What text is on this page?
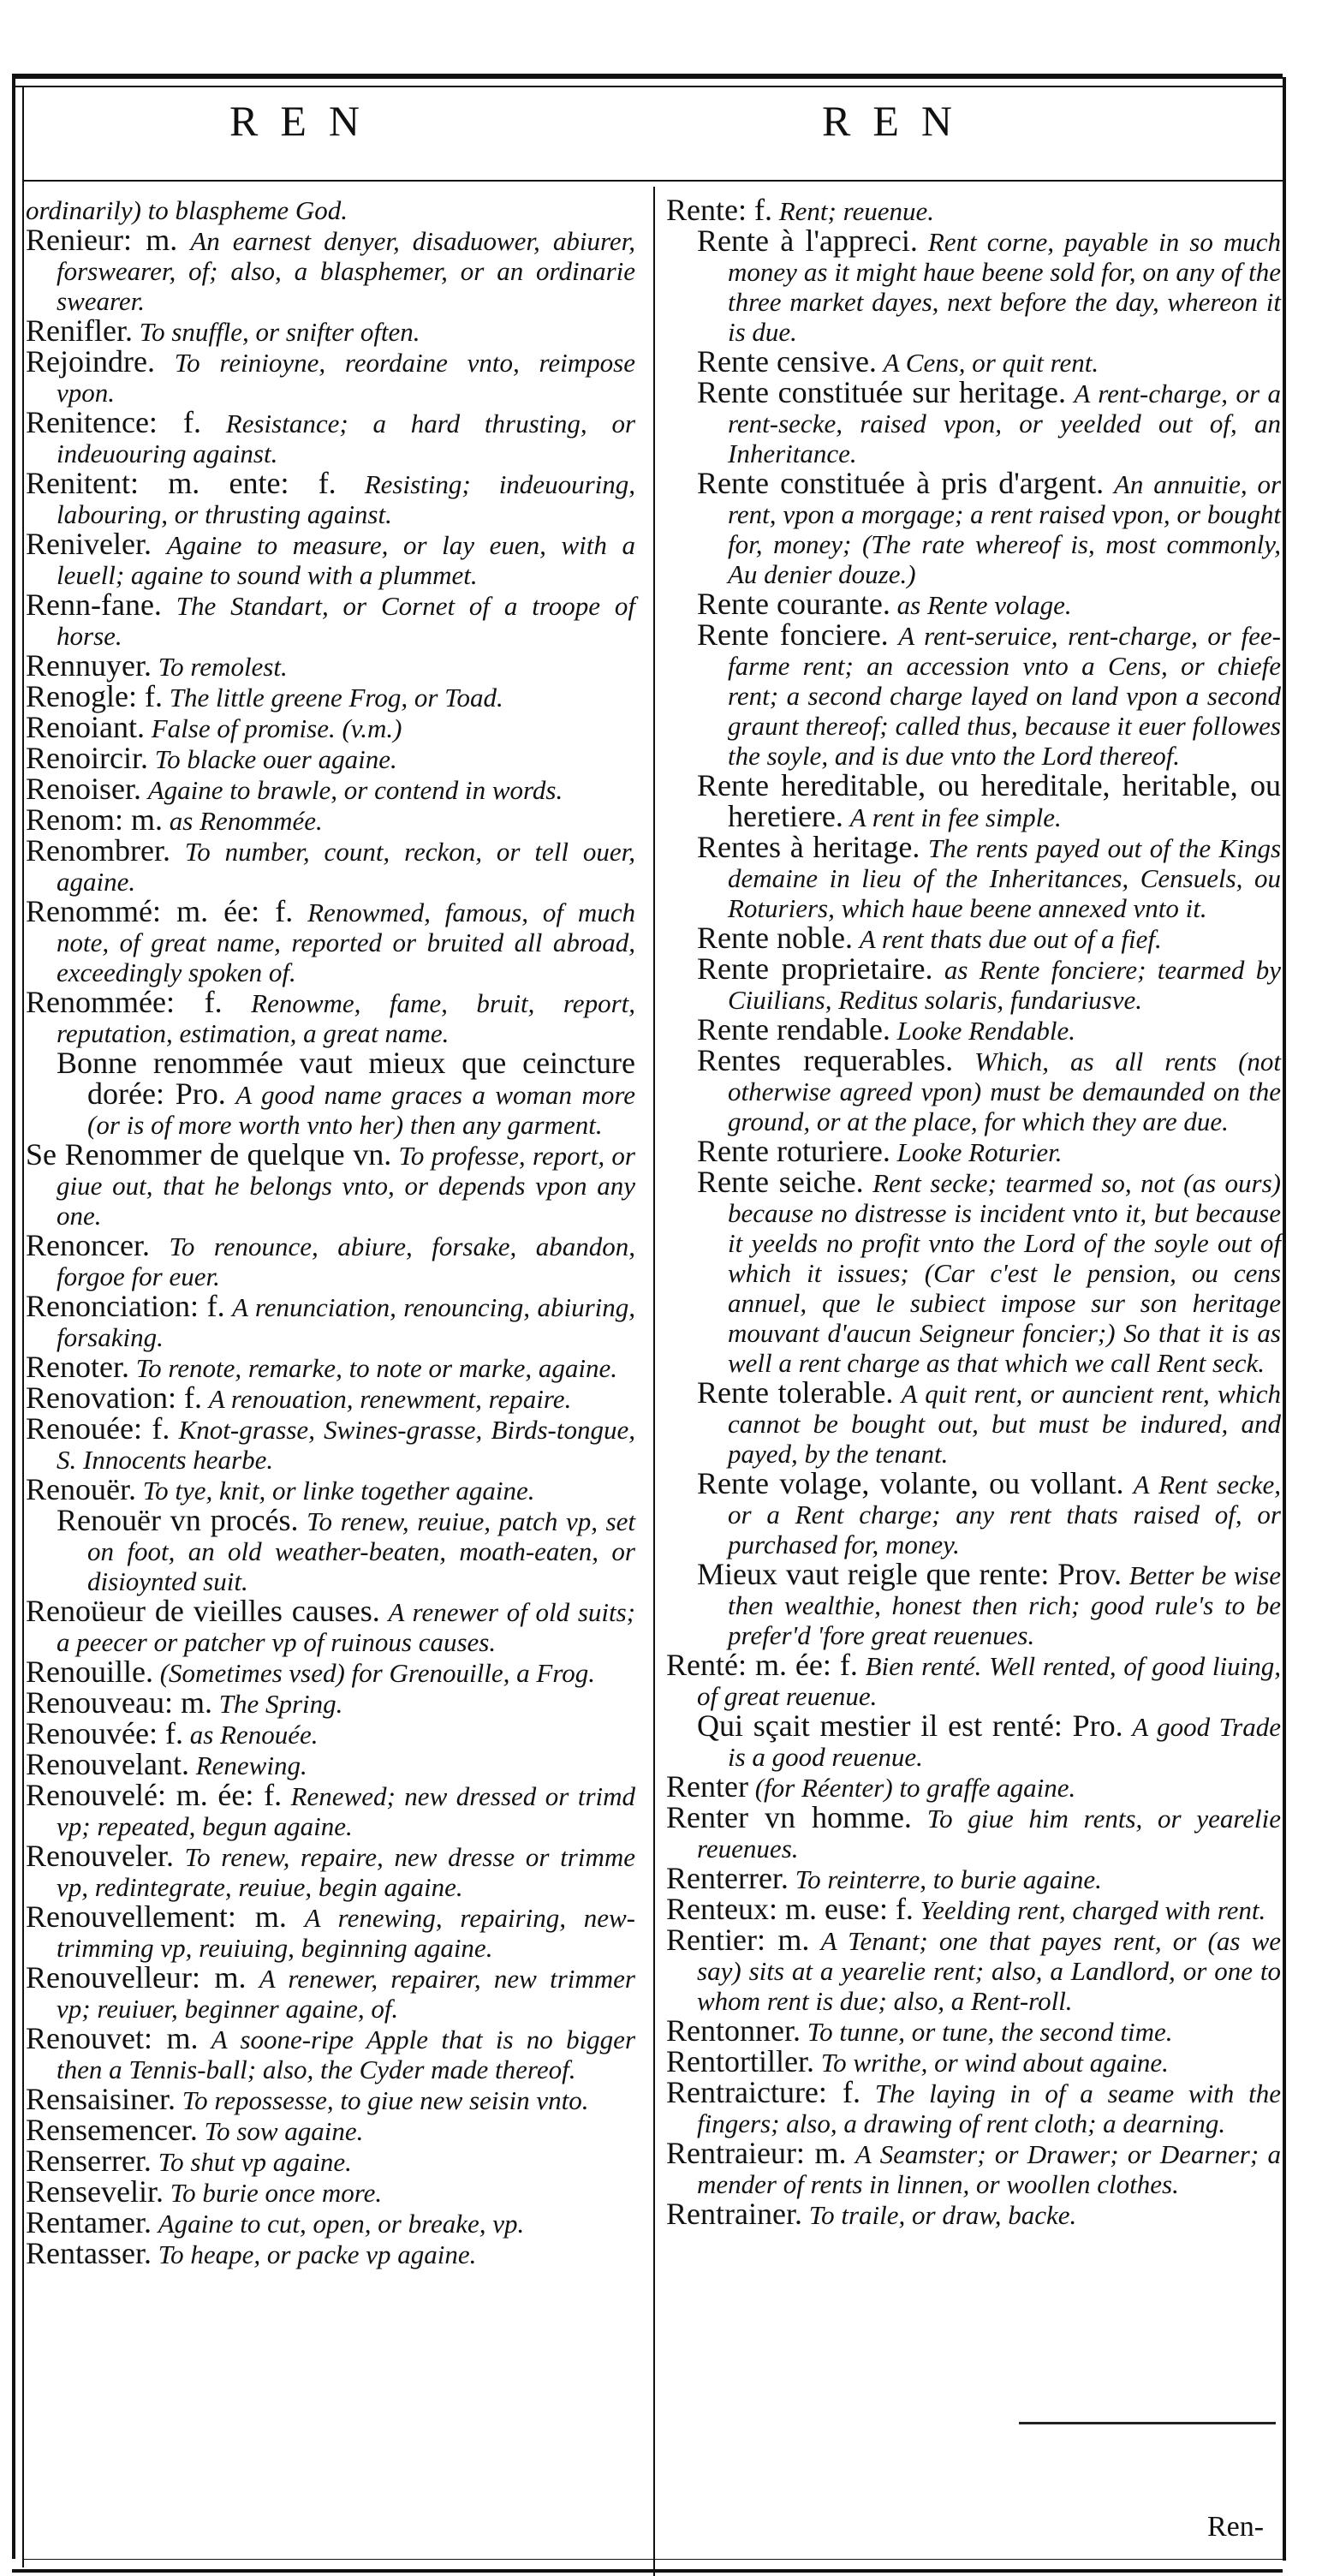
REN	REN

ordinarily) to blaspheme God.

Renieur: m. An earnest denyer, disaduower, abiurer, forswearer, of; also, a blasphemer, or an ordinarie swearer.

Renifler. To snuffle, or snifter often.

Rejoindre. To reinioyne, reordaine vnto, reimpose vpon.

Renitence: f. Resistance; a hard thrusting, or indeuouring against.

Renitent: m. ente: f. Resisting; indeuouring, labouring, or thrusting against.

Reniveler. Againe to measure, or lay euen, with a leuell; againe to sound with a plummet.

Renn-fane. The Standart, or Cornet of a troope of horse.

Rennuyer. To remolest.

Renogle: f. The little greene Frog, or Toad.

Renoiant. False of promise. (v.m.)

Renoircir. To blacke ouer againe.

Renoiser. Againe to brawle, or contend in words.

Renom: m. as Renommée.

Renombrer. To number, count, reckon, or tell ouer, againe.

Renommé: m. ée: f. Renowmed, famous, of much note, of great name, reported or bruited all abroad, exceedingly spoken of.

Renommée: f. Renowme, fame, bruit, report, reputation, estimation, a great name.

Bonne renommée vaut mieux que ceincture dorée: Pro. A good name graces a woman more (or is of more worth vnto her) then any garment.

Se Renommer de quelque vn. To professe, report, or giue out, that he belongs vnto, or depends vpon any one.

Renoncer. To renounce, abiure, forsake, abandon, forgoe for euer.

Renonciation: f. A renunciation, renouncing, abiuring, forsaking.

Renoter. To renote, remarke, to note or marke, againe.

Renovation: f. A renouation, renewment, repaire.

Renouée: f. Knot-grasse, Swines-grasse, Birds-tongue, S. Innocents hearbe.

Renouër. To tye, knit, or linke together againe.

Renouër vn procés. To renew, reuiue, patch vp, set on foot, an old weather-beaten, moath-eaten, or disioynted suit.

Renoüeur de vieilles causes. A renewer of old suits; a peecer or patcher vp of ruinous causes.

Renouille. (Sometimes vsed) for Grenouille, a Frog.

Renouveau: m. The Spring.

Renouvée: f. as Renouée.

Renouvelant. Renewing.

Renouvelé: m. ée: f. Renewed; new dressed or trimd vp; repeated, begun againe.

Renouveler. To renew, repaire, new dresse or trimme vp, redintegrate, reuiue, begin againe.

Renouvellement: m. A renewing, repairing, new-trimming vp, reuiuing, beginning againe.

Renouvelleur: m. A renewer, repairer, new trimmer vp; reuiuer, beginner againe, of.

Renouvet: m. A soone-ripe Apple that is no bigger then a Tennis-ball; also, the Cyder made thereof.

Rensaisiner. To repossesse, to giue new seisin vnto.

Rensemencer. To sow againe.

Renserrer. To shut vp againe.

Rensevelir. To burie once more.

Rentamer. Againe to cut, open, or breake, vp.

Rentasser. To heape, or packe vp againe.

Rente: f. Rent; reuenue.

Rente à l'appreci. Rent corne, payable in so much money as it might haue beene sold for, on any of the three market dayes, next before the day, whereon it is due.

Rente censive. A Cens, or quit rent.

Rente constituée sur heritage. A rent-charge, or a rent-secke, raised vpon, or yeelded out of, an Inheritance.

Rente constituée à pris d'argent. An annuitie, or rent, vpon a morgage; a rent raised vpon, or bought for, money; (The rate whereof is, most commonly, Au denier douze.)

Rente courante. as Rente volage.

Rente fonciere. A rent-seruice, rent-charge, or fee-farme rent; an accession vnto a Cens, or chiefe rent; a second charge layed on land vpon a second graunt thereof; called thus, because it euer followes the soyle, and is due vnto the Lord thereof.

Rente hereditable, ou hereditale, heritable, ou heretiere. A rent in fee simple.

Rentes à heritage. The rents payed out of the Kings demaine in lieu of the Inheritances, Censuels, ou Roturiers, which haue beene annexed vnto it.

Rente noble. A rent thats due out of a fief.

Rente proprietaire. as Rente fonciere; tearmed by Ciuilians, Reditus solaris, fundariusve.

Rente rendable. Looke Rendable.

Rentes requerables. Which, as all rents (not otherwise agreed vpon) must be demaunded on the ground, or at the place, for which they are due.

Rente roturiere. Looke Roturier.

Rente seiche. Rent secke; tearmed so, not (as ours) because no distresse is incident vnto it, but because it yeelds no profit vnto the Lord of the soyle out of which it issues; (Car c'est le pension, ou cens annuel, que le subiect impose sur son heritage mouvant d'aucun Seigneur foncier;) So that it is as well a rent charge as that which we call Rent seck.

Rente tolerable. A quit rent, or auncient rent, which cannot be bought out, but must be indured, and payed, by the tenant.

Rente volage, volante, ou vollant. A Rent secke, or a Rent charge; any rent thats raised of, or purchased for, money.

Mieux vaut reigle que rente: Prov. Better be wise then wealthie, honest then rich; good rule's to be prefer'd 'fore great reuenues.

Renté: m. ée: f. Bien renté. Well rented, of good liuing, of great reuenue.

Qui sçait mestier il est renté: Pro. A good Trade is a good reuenue.

Renter (for Réenter) to graffe againe.

Renter vn homme. To giue him rents, or yearelie reuenues.

Renterrer. To reinterre, to burie againe.

Renteux: m. euse: f. Yeelding rent, charged with rent.

Rentier: m. A Tenant; one that payes rent, or (as we say) sits at a yearelie rent; also, a Landlord, or one to whom rent is due; also, a Rent-roll.

Rentonner. To tunne, or tune, the second time.

Rentortiller. To writhe, or wind about againe.

Rentraicture: f. The laying in of a seame with the fingers; also, a drawing of rent cloth; a dearning.

Rentraieur: m. A Seamster; or Drawer; or Dearner; a mender of rents in linnen, or woollen clothes.

Rentrainer. To traile, or draw, backe.

Ren-
